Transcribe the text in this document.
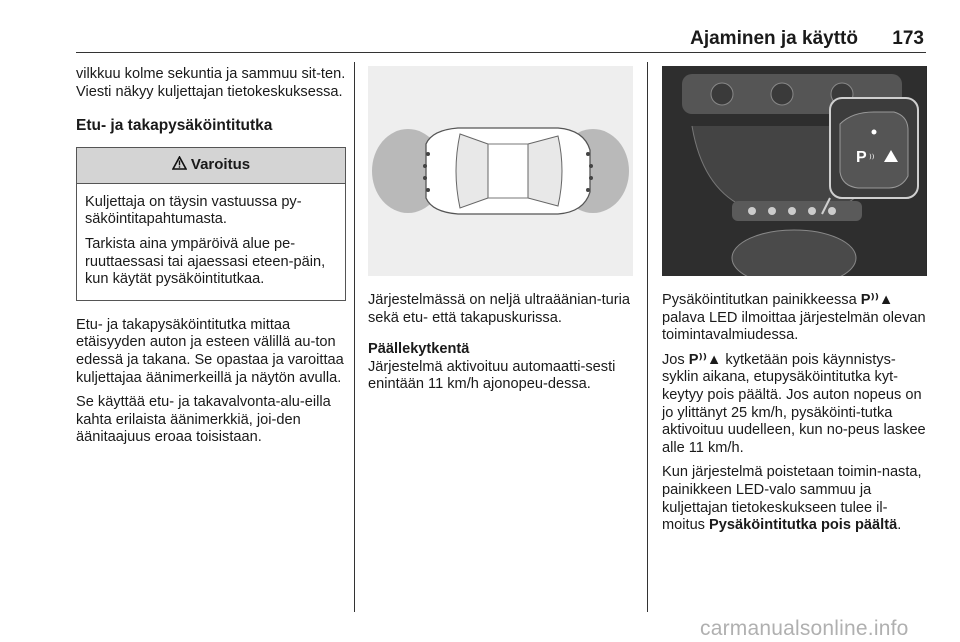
Ajaminen ja käyttö 173

vilkkuu kolme sekuntia ja sammuu sit-ten. Viesti näkyy kuljettajan tietokeskuksessa.

Etu- ja takapysäköintitutka
Varoitus

Kuljettaja on täysin vastuussa py-säköintitapahtumasta.

Tarkista aina ympäröivä alue pe-ruuttaessasi tai ajaessasi eteen-päin, kun käytät pysäköintitutkaa.

Etu- ja takapysäköintitutka mittaa etäisyyden auton ja esteen välillä au-ton edessä ja takana. Se opastaa ja varoittaa kuljettajaa äänimerkeillä ja näytön avulla.

Se käyttää etu- ja takavalvonta-alu-eilla kahta erilaista äänimerkkiä, joi-den äänitaajuus eroaa toisistaan.

Järjestelmässä on neljä ultraäänian-turia sekä etu- että takapuskurissa.

Päällekytkentä

Järjestelmä aktivoituu automaatti-sesti enintään 11 km/h ajonopeu-dessa.

P ⁾⁾

Pysäköintitutkan painikkeessa P⁾⁾▲ palava LED ilmoittaa järjestelmän olevan toimintavalmiudessa.

Jos P⁾⁾▲ kytketään pois käynnistys-syklin aikana, etupysäköintitutka kyt-keytyy pois päältä. Jos auton nopeus on jo ylittänyt 25 km/h, pysäköinti-tutka aktivoituu uudelleen, kun no-peus laskee alle 11 km/h.

Kun järjestelmä poistetaan toimin-nasta, painikkeen LED-valo sammuu ja kuljettajan tietokeskukseen tulee il-moitus Pysäköintitutka pois päältä.

carmanualsonline.info
